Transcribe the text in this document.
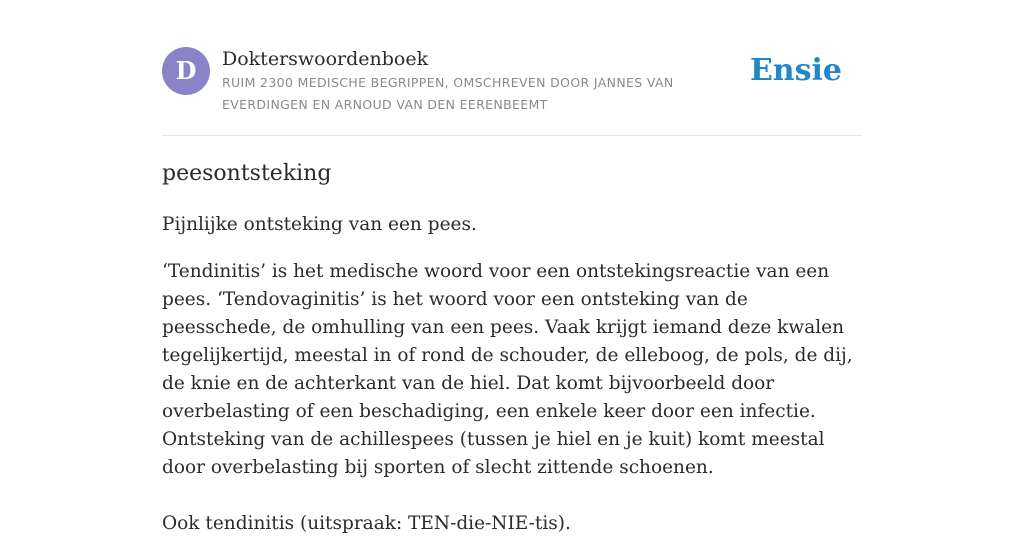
D	Dokterswoordenboek
RUIM 2300 MEDISCHE BEGRIPPEN, OMSCHREVEN DOOR JANNES VAN EVERDINGEN EN ARNOUD VAN DEN EERENBEEMT
Ensie
peesontsteking

Pijnlijke ontsteking van een pees.

‘Tendinitis’ is het medische woord voor een ontstekingsreactie van een pees. ‘Tendovaginitis’ is het woord voor een ontsteking van de peesschede, de omhulling van een pees. Vaak krijgt iemand deze kwalen tegelijkertijd, meestal in of rond de schouder, de elleboog, de pols, de dij, de knie en de achterkant van de hiel. Dat komt bijvoorbeeld door overbelasting of een beschadiging, een enkele keer door een infectie. Ontsteking van de achillespees (tussen je hiel en je kuit) komt meestal door overbelasting bij sporten of slecht zittende schoenen.

Ook tendinitis (uitspraak: TEN-die-NIE-tis).
